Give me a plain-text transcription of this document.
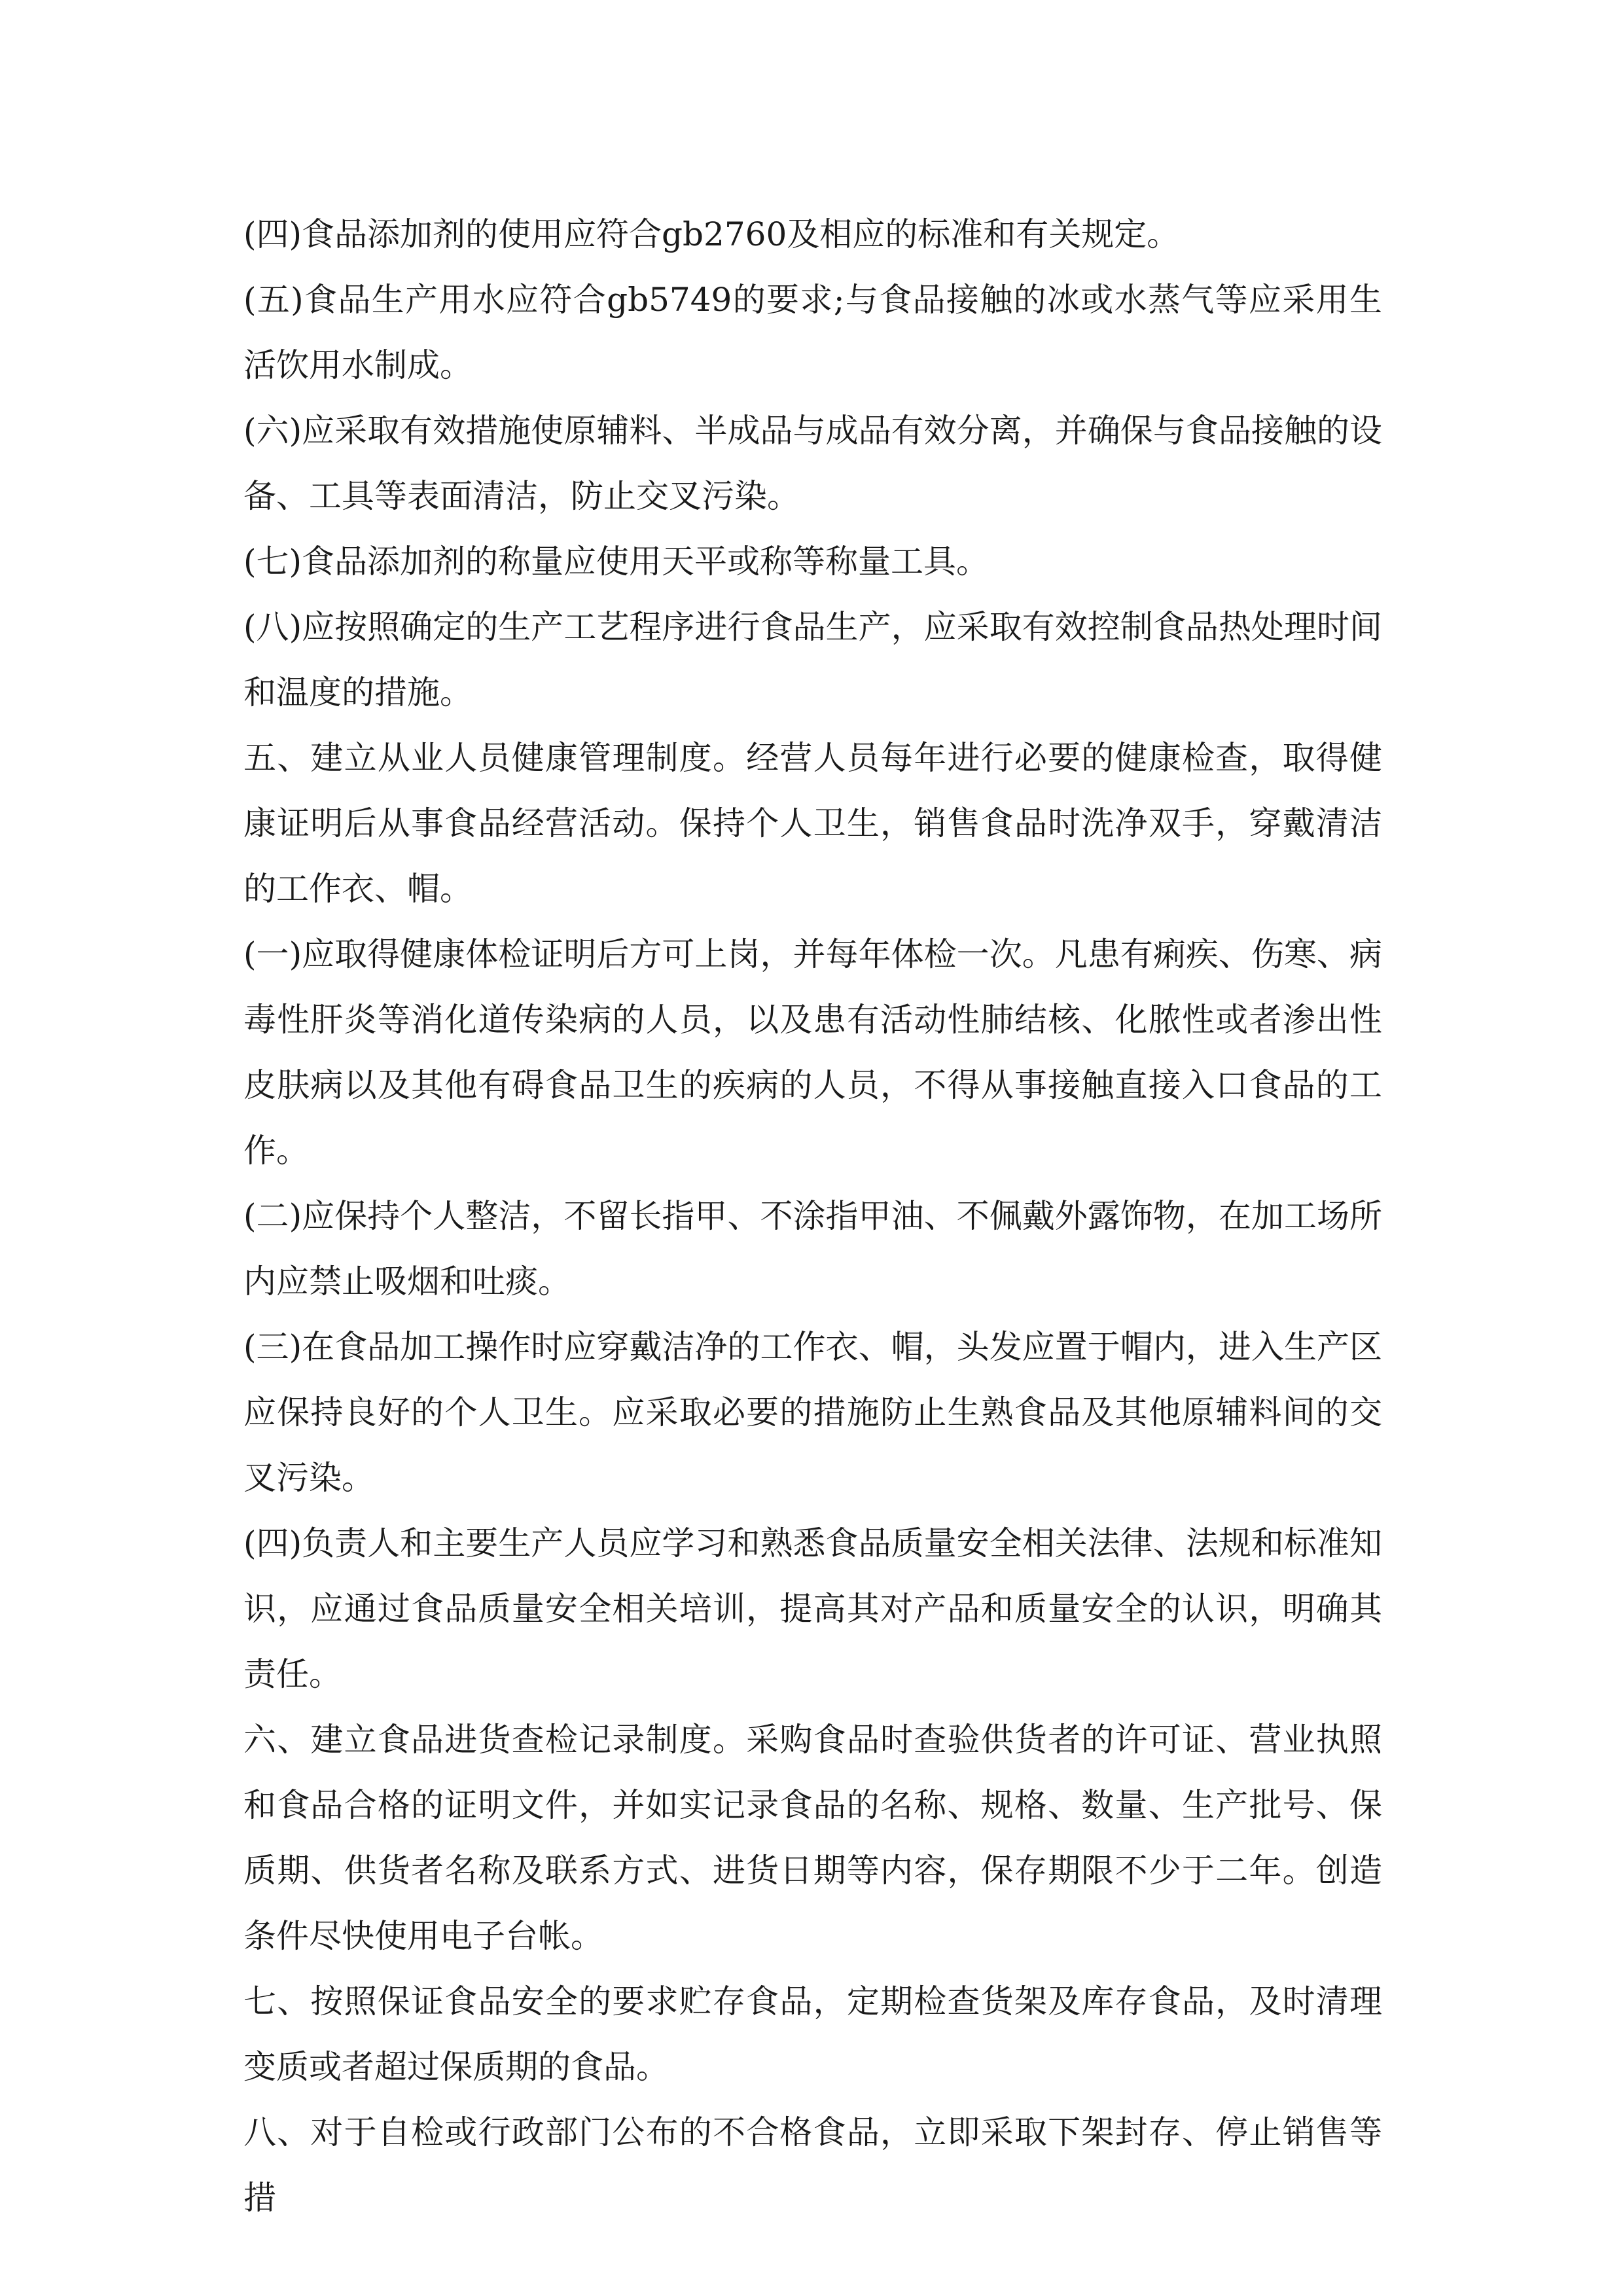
(四)食品添加剂的使用应符合gb2760及相应的标准和有关规定。

(五)食品生产用水应符合gb5749的要求;与食品接触的冰或水蒸气等应采用生活饮用水制成。

(六)应采取有效措施使原辅料、半成品与成品有效分离，并确保与食品接触的设备、工具等表面清洁，防止交叉污染。

(七)食品添加剂的称量应使用天平或称等称量工具。

(八)应按照确定的生产工艺程序进行食品生产，应采取有效控制食品热处理时间和温度的措施。

五、建立从业人员健康管理制度。经营人员每年进行必要的健康检查，取得健康证明后从事食品经营活动。保持个人卫生，销售食品时洗净双手，穿戴清洁的工作衣、帽。

(一)应取得健康体检证明后方可上岗，并每年体检一次。凡患有痢疾、伤寒、病毒性肝炎等消化道传染病的人员，以及患有活动性肺结核、化脓性或者渗出性皮肤病以及其他有碍食品卫生的疾病的人员，不得从事接触直接入口食品的工作。

(二)应保持个人整洁，不留长指甲、不涂指甲油、不佩戴外露饰物，在加工场所内应禁止吸烟和吐痰。

(三)在食品加工操作时应穿戴洁净的工作衣、帽，头发应置于帽内，进入生产区应保持良好的个人卫生。应采取必要的措施防止生熟食品及其他原辅料间的交叉污染。

(四)负责人和主要生产人员应学习和熟悉食品质量安全相关法律、法规和标准知识，应通过食品质量安全相关培训，提高其对产品和质量安全的认识，明确其责任。

六、建立食品进货查检记录制度。采购食品时查验供货者的许可证、营业执照和食品合格的证明文件，并如实记录食品的名称、规格、数量、生产批号、保质期、供货者名称及联系方式、进货日期等内容，保存期限不少于二年。创造条件尽快使用电子台帐。

七、按照保证食品安全的要求贮存食品，定期检查货架及库存食品，及时清理变质或者超过保质期的食品。

八、对于自检或行政部门公布的不合格食品，立即采取下架封存、停止销售等措
